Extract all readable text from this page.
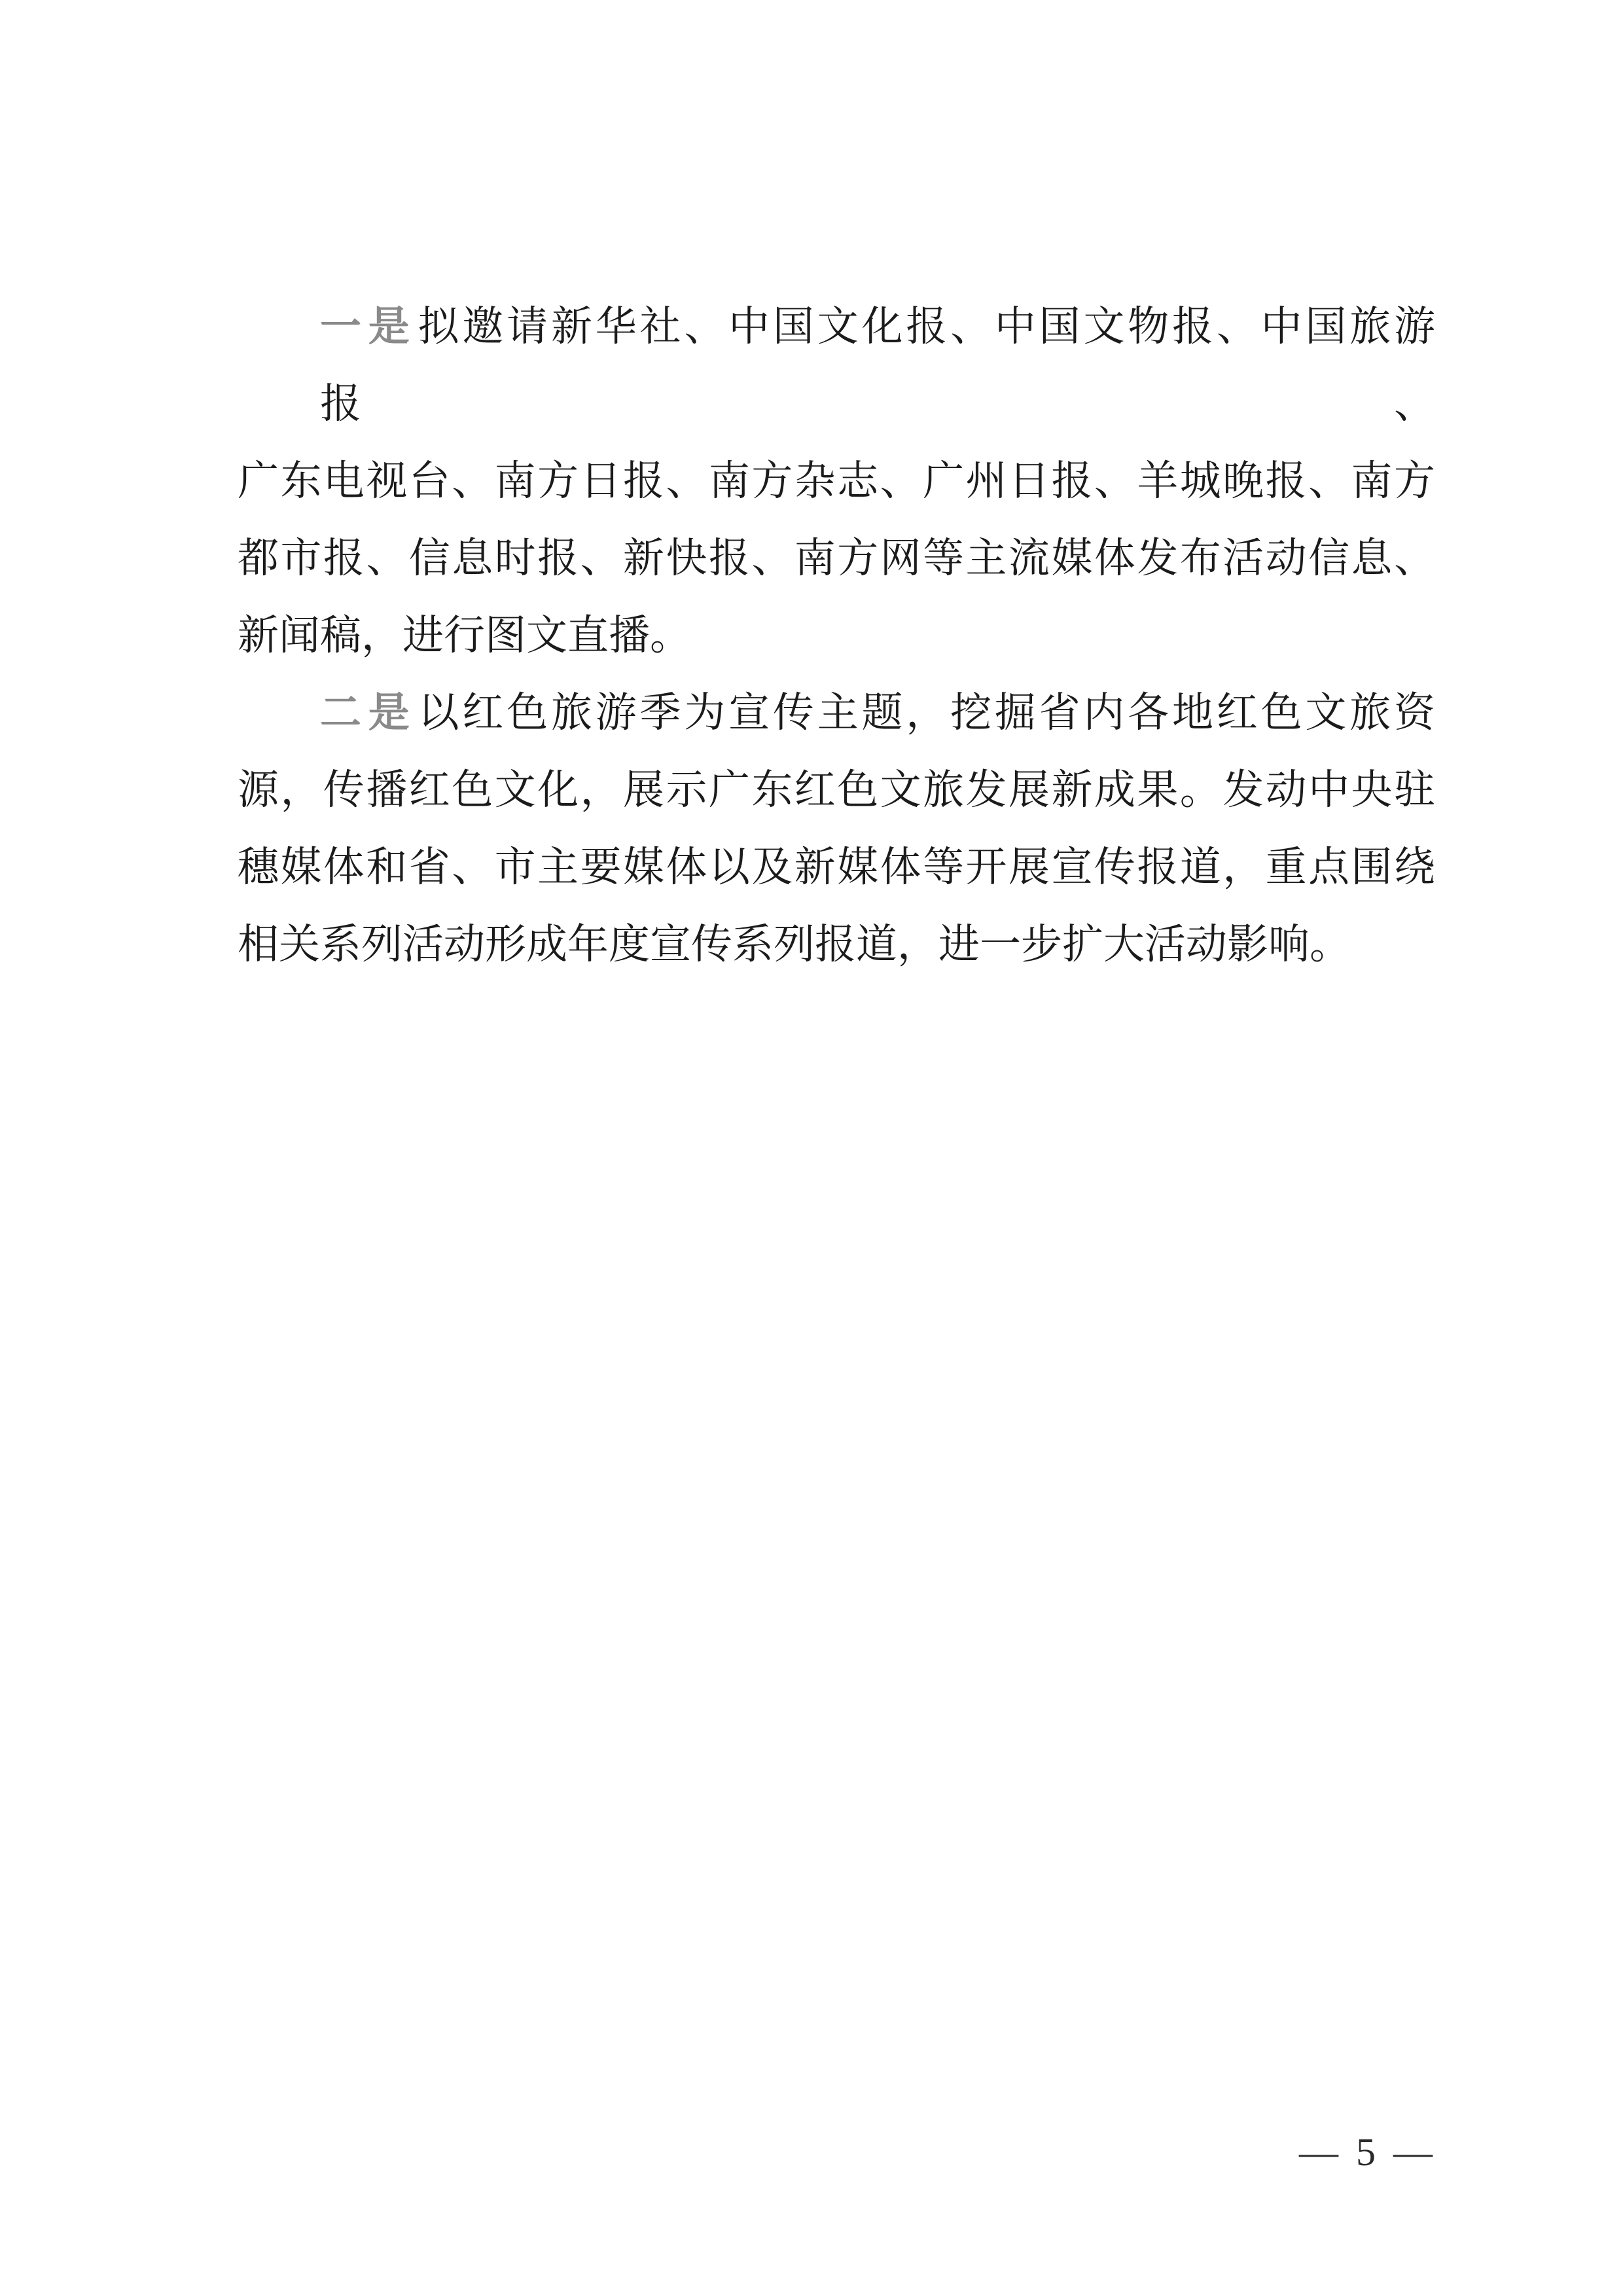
一是拟邀请新华社、中国文化报、中国文物报、中国旅游报、
广东电视台、南方日报、南方杂志、广州日报、羊城晚报、南方
都市报、信息时报、新快报、南方网等主流媒体发布活动信息、
新闻稿，进行图文直播。

二是以红色旅游季为宣传主题，挖掘省内各地红色文旅资
源，传播红色文化，展示广东红色文旅发展新成果。发动中央驻
穗媒体和省、市主要媒体以及新媒体等开展宣传报道，重点围绕
相关系列活动形成年度宣传系列报道，进一步扩大活动影响。

— 5 —
